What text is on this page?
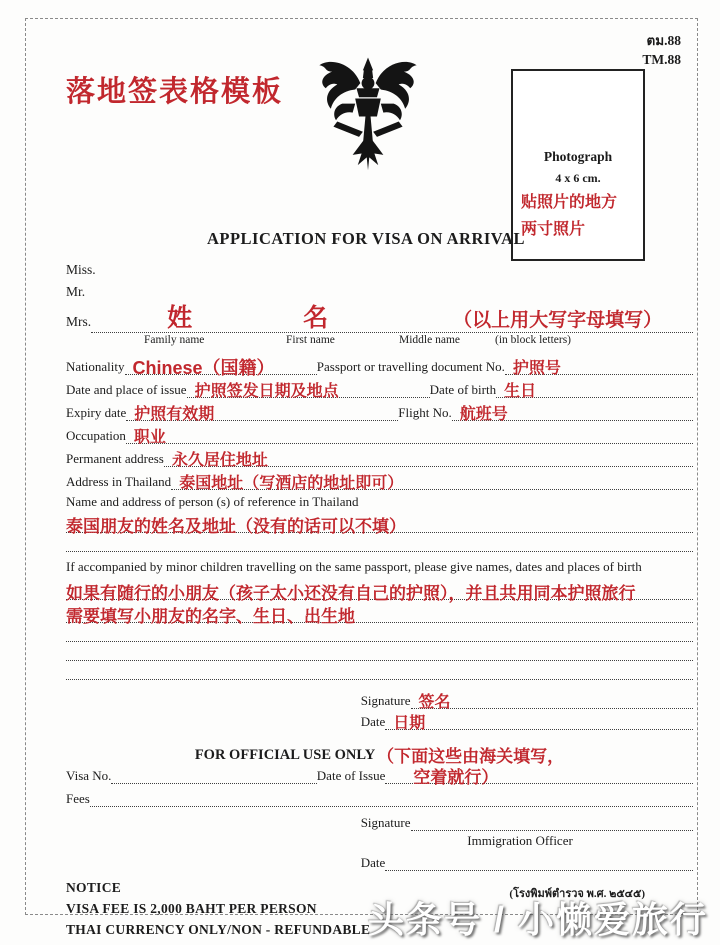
ตม.88
TM.88
落地签表格模板
Photograph
4 x 6 cm.
贴照片的地方
两寸照片
APPLICATION FOR VISA ON ARRIVAL
Miss.
Mr.
Mrs.	姓	名	（以上用大写字母填写）
Family name	First name	Middle name	(in block letters)
Nationality Chinese（国籍）	Passport or travelling document No. 护照号
Date and place of issue 护照签发日期及地点	Date of birth 生日
Expiry date 护照有效期	Flight No. 航班号
Occupation 职业
Permanent address 永久居住地址
Address in Thailand 泰国地址（写酒店的地址即可）
Name and address of person (s) of reference in Thailand
泰国朋友的姓名及地址（没有的话可以不填）
If accompanied by minor children travelling on the same passport, please give names, dates and places of birth
如果有随行的小朋友（孩子太小还没有自己的护照），并且共用同本护照旅行
需要填写小朋友的名字、生日、出生地
Signature 签名
Date 日期
FOR OFFICIAL USE ONLY （下面这些由海关填写，
Visa No.	Date of Issue	空着就行）
Fees
Signature
Immigration Officer
Date
NOTICE
VISA FEE IS 2,000 BAHT PER PERSON
THAI CURRENCY ONLY/NON - REFUNDABLE
(โรงพิมพ์ตำรวจ พ.ศ. ๒๕๔๕)
头条号 / 小懒爱旅行
